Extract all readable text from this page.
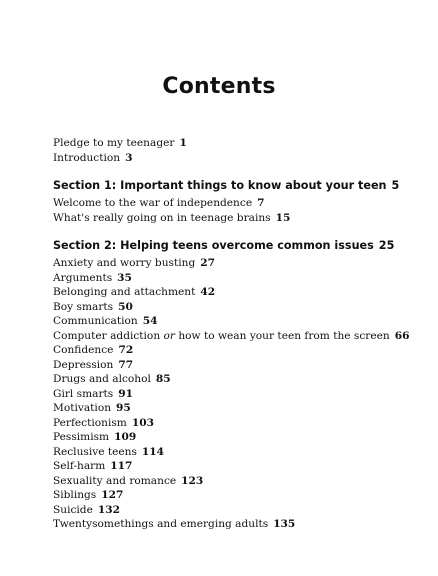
Contents
Pledge to my teenager 1
Introduction 3
Section 1: Important things to know about your teen 5
Welcome to the war of independence 7
What's really going on in teenage brains 15
Section 2: Helping teens overcome common issues 25
Anxiety and worry busting 27
Arguments 35
Belonging and attachment 42
Boy smarts 50
Communication 54
Computer addiction or how to wean your teen from the screen 66
Confidence 72
Depression 77
Drugs and alcohol 85
Girl smarts 91
Motivation 95
Perfectionism 103
Pessimism 109
Reclusive teens 114
Self-harm 117
Sexuality and romance 123
Siblings 127
Suicide 132
Twentysomethings and emerging adults 135
